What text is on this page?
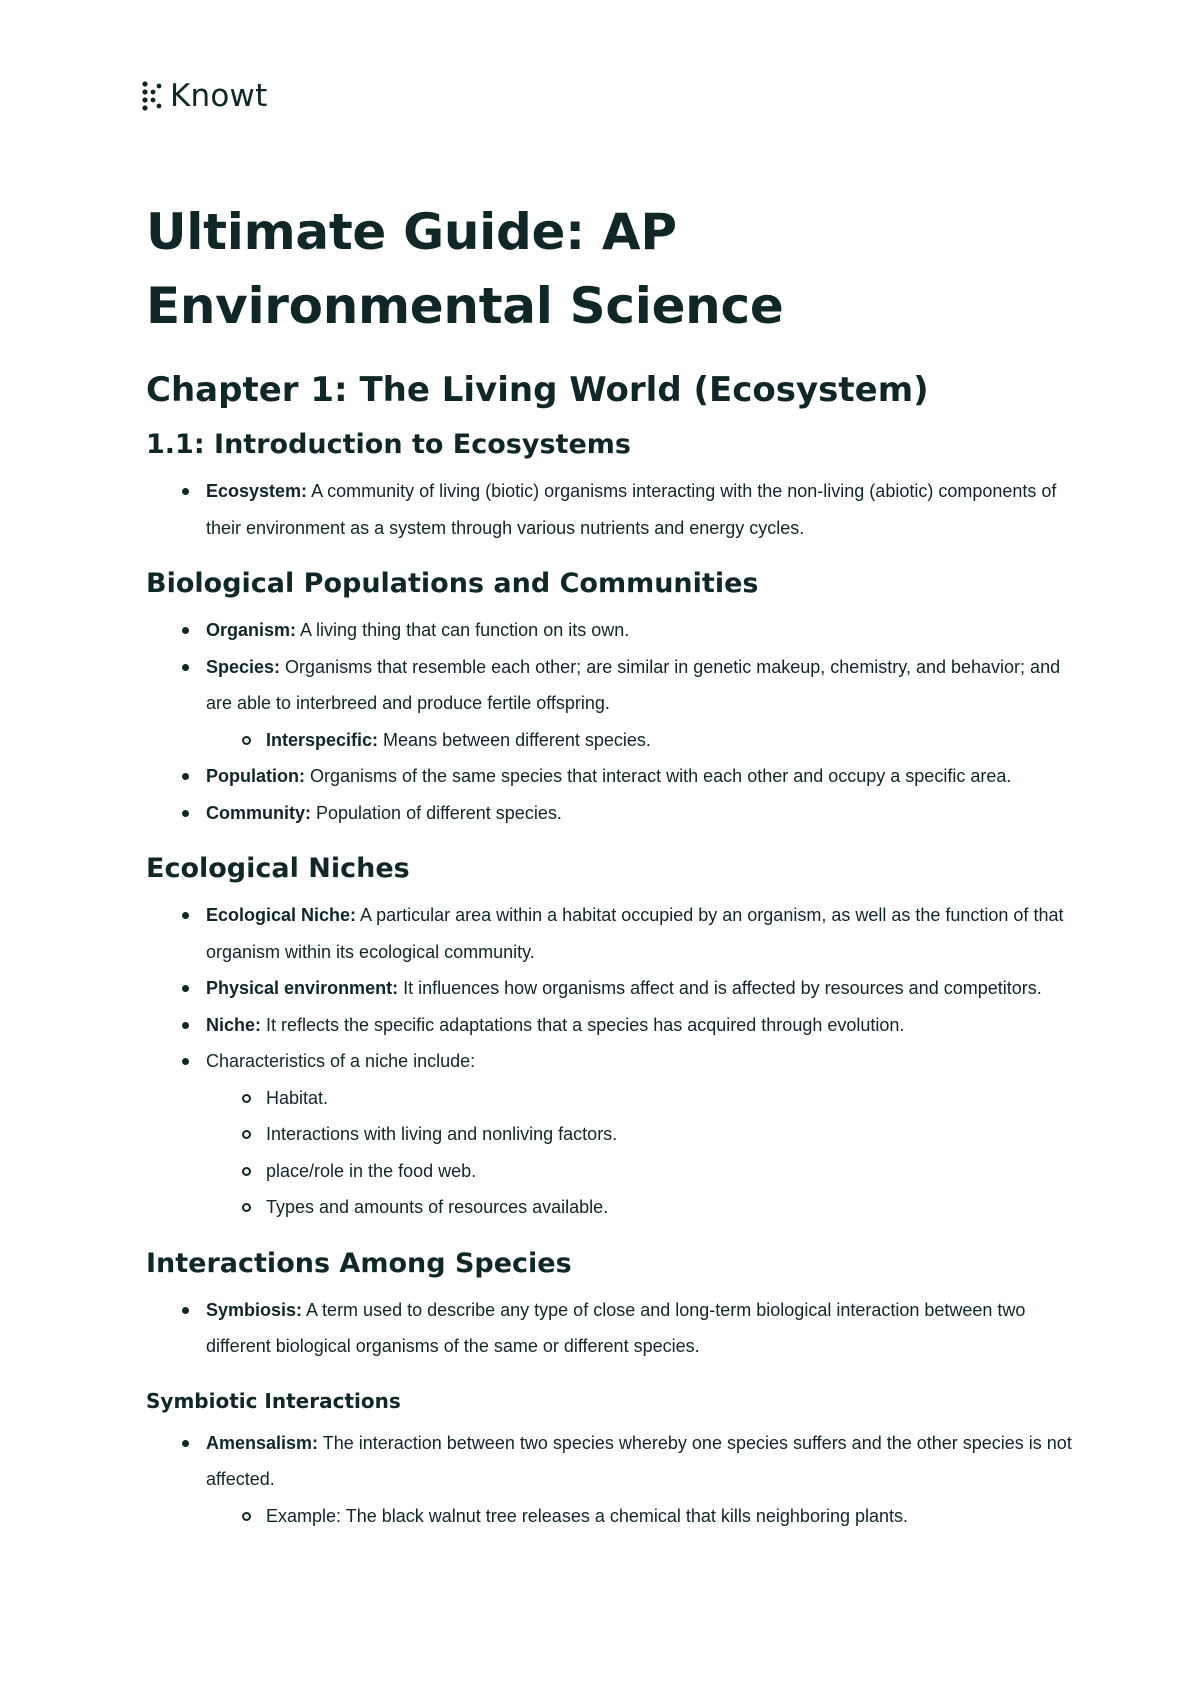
Knowt
Ultimate Guide: AP Environmental Science
Chapter 1: The Living World (Ecosystem)
1.1: Introduction to Ecosystems
Ecosystem: A community of living (biotic) organisms interacting with the non-living (abiotic) components of their environment as a system through various nutrients and energy cycles.
Biological Populations and Communities
Organism: A living thing that can function on its own.
Species: Organisms that resemble each other; are similar in genetic makeup, chemistry, and behavior; and are able to interbreed and produce fertile offspring.
Interspecific: Means between different species.
Population: Organisms of the same species that interact with each other and occupy a specific area.
Community: Population of different species.
Ecological Niches
Ecological Niche: A particular area within a habitat occupied by an organism, as well as the function of that organism within its ecological community.
Physical environment: It influences how organisms affect and is affected by resources and competitors.
Niche: It reflects the specific adaptations that a species has acquired through evolution.
Characteristics of a niche include:
Habitat.
Interactions with living and nonliving factors.
place/role in the food web.
Types and amounts of resources available.
Interactions Among Species
Symbiosis: A term used to describe any type of close and long-term biological interaction between two different biological organisms of the same or different species.
Symbiotic Interactions
Amensalism: The interaction between two species whereby one species suffers and the other species is not affected.
Example: The black walnut tree releases a chemical that kills neighboring plants.
